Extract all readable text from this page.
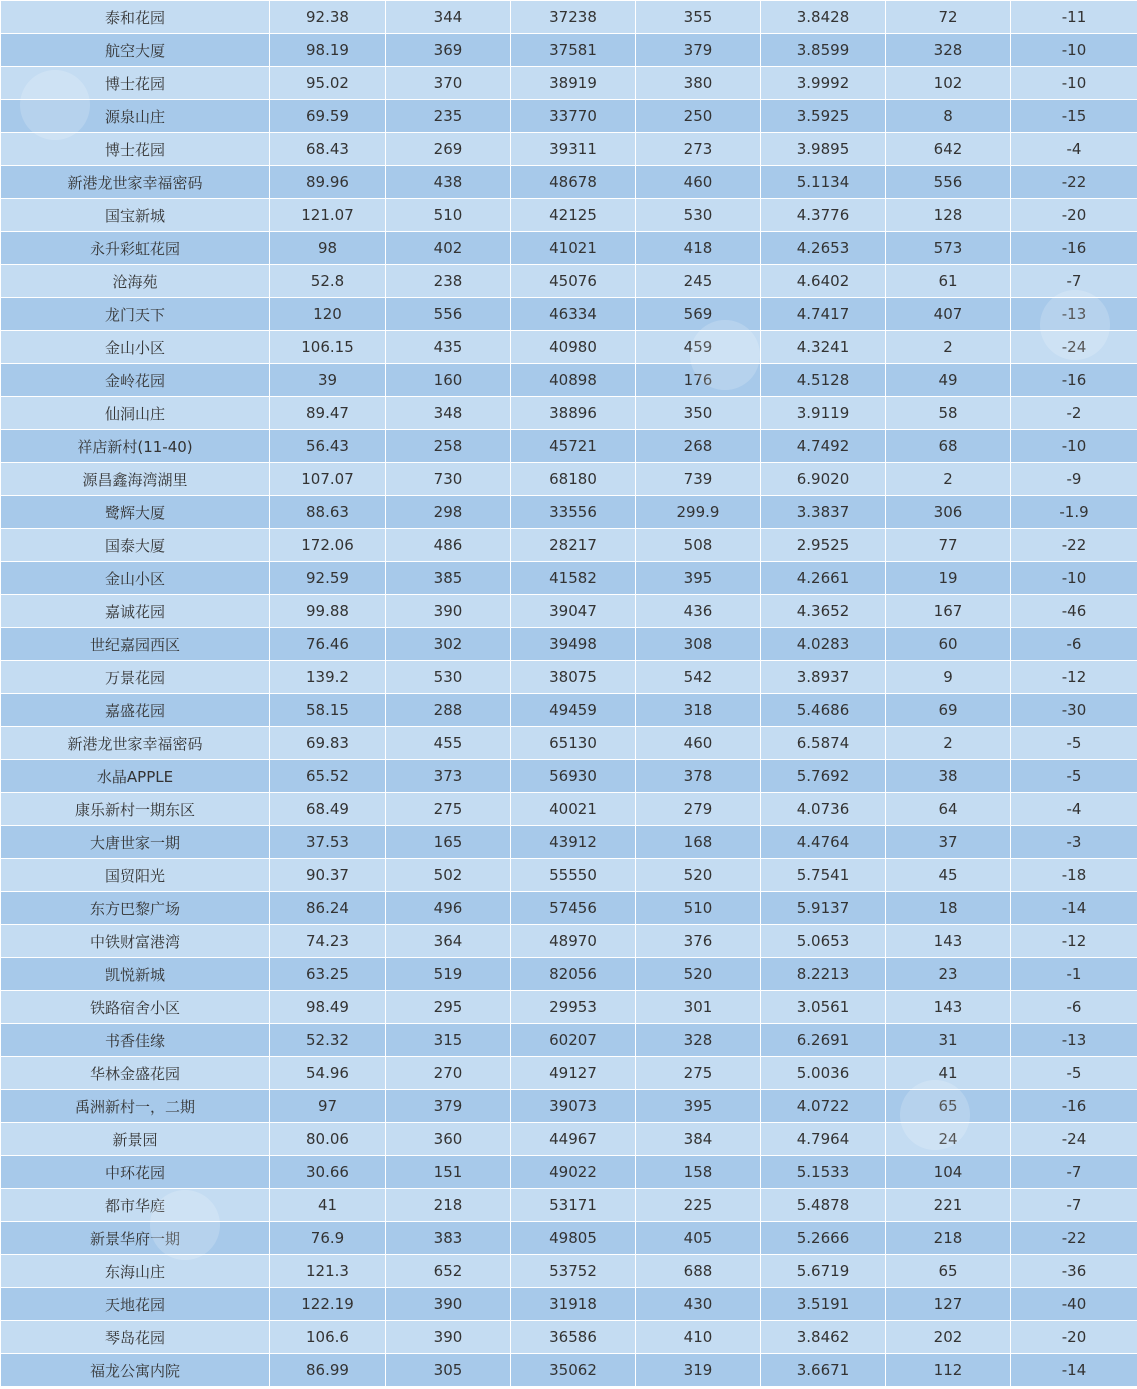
泰和花园	92.38	344	37238	355	3.8428	72	-11
航空大厦	98.19	369	37581	379	3.8599	328	-10
博士花园	95.02	370	38919	380	3.9992	102	-10
源泉山庄	69.59	235	33770	250	3.5925	8	-15
博士花园	68.43	269	39311	273	3.9895	642	-4
新港龙世家幸福密码	89.96	438	48678	460	5.1134	556	-22
国宝新城	121.07	510	42125	530	4.3776	128	-20
永升彩虹花园	98	402	41021	418	4.2653	573	-16
沧海苑	52.8	238	45076	245	4.6402	61	-7
龙门天下	120	556	46334	569	4.7417	407	-13
金山小区	106.15	435	40980	459	4.3241	2	-24
金岭花园	39	160	40898	176	4.5128	49	-16
仙洞山庄	89.47	348	38896	350	3.9119	58	-2
祥店新村(11-40)	56.43	258	45721	268	4.7492	68	-10
源昌鑫海湾湖里	107.07	730	68180	739	6.9020	2	-9
鹭辉大厦	88.63	298	33556	299.9	3.3837	306	-1.9
国泰大厦	172.06	486	28217	508	2.9525	77	-22
金山小区	92.59	385	41582	395	4.2661	19	-10
嘉诚花园	99.88	390	39047	436	4.3652	167	-46
世纪嘉园西区	76.46	302	39498	308	4.0283	60	-6
万景花园	139.2	530	38075	542	3.8937	9	-12
嘉盛花园	58.15	288	49459	318	5.4686	69	-30
新港龙世家幸福密码	69.83	455	65130	460	6.5874	2	-5
水晶APPLE	65.52	373	56930	378	5.7692	38	-5
康乐新村一期东区	68.49	275	40021	279	4.0736	64	-4
大唐世家一期	37.53	165	43912	168	4.4764	37	-3
国贸阳光	90.37	502	55550	520	5.7541	45	-18
东方巴黎广场	86.24	496	57456	510	5.9137	18	-14
中铁财富港湾	74.23	364	48970	376	5.0653	143	-12
凯悦新城	63.25	519	82056	520	8.2213	23	-1
铁路宿舍小区	98.49	295	29953	301	3.0561	143	-6
书香佳缘	52.32	315	60207	328	6.2691	31	-13
华林金盛花园	54.96	270	49127	275	5.0036	41	-5
禹洲新村一，二期	97	379	39073	395	4.0722	65	-16
新景园	80.06	360	44967	384	4.7964	24	-24
中环花园	30.66	151	49022	158	5.1533	104	-7
都市华庭	41	218	53171	225	5.4878	221	-7
新景华府一期	76.9	383	49805	405	5.2666	218	-22
东海山庄	121.3	652	53752	688	5.6719	65	-36
天地花园	122.19	390	31918	430	3.5191	127	-40
琴岛花园	106.6	390	36586	410	3.8462	202	-20
福龙公寓内院	86.99	305	35062	319	3.6671	112	-14
